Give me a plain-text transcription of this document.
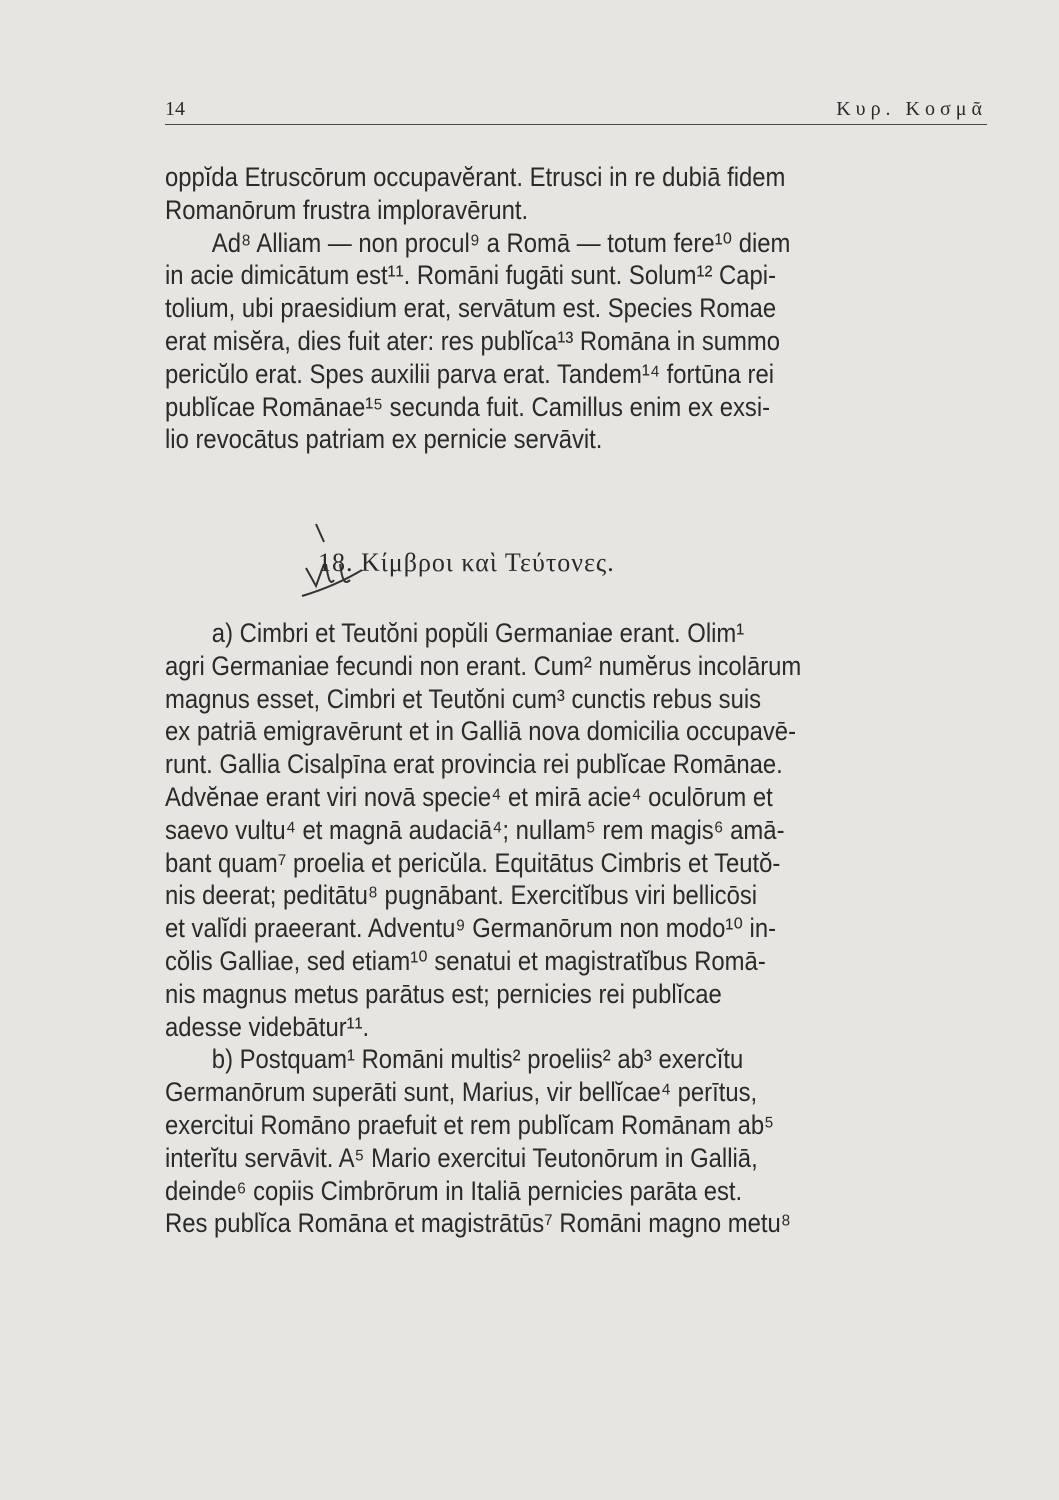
14	Κυρ. Κοσμᾶ
oppĭda Etruscōrum occupavĕrant. Etrusci in re dubiā fidem
Romanōrum frustra imploravērunt.
Ad⁸ Alliam — non procul⁹ a Romā — totum fere¹⁰ diem
in acie dimicātum est¹¹. Romāni fugāti sunt. Solum¹² Capi-
tolium, ubi praesidium erat, servātum est. Species Romae
erat misĕra, dies fuit ater: res publĭca¹³ Romāna in summo
pericŭlo erat. Spes auxilii parva erat. Tandem¹⁴ fortūna rei
publĭcae Romānae¹⁵ secunda fuit. Camillus enim ex exsi-
lio revocātus patriam ex pernicie servāvit.
18. Κίμβροι καὶ Τεύτονες.
a) Cimbri et Teutŏni popŭli Germaniae erant. Olim¹
agri Germaniae fecundi non erant. Cum² numĕrus incolārum
magnus esset, Cimbri et Teutŏni cum³ cunctis rebus suis
ex patriā emigravērunt et in Galliā nova domicilia occupavē-
runt. Gallia Cisalpīna erat provincia rei publĭcae Romānae.
Advĕnae erant viri novā specie⁴ et mirā acie⁴ oculōrum et
saevo vultu⁴ et magnā audaciā⁴; nullam⁵ rem magis⁶ amā-
bant quam⁷ proelia et pericŭla. Equitātus Cimbris et Teutŏ-
nis deerat; peditātu⁸ pugnābant. Exercitĭbus viri bellicōsi
et valĭdi praeerant. Adventu⁹ Germanōrum non modo¹⁰ in-
cŏlis Galliae, sed etiam¹⁰ senatui et magistratĭbus Romā-
nis magnus metus parātus est; pernicies rei publĭcae
adesse videbātur¹¹.
b) Postquam¹ Romāni multis² proeliis² ab³ exercĭtu
Germanōrum superāti sunt, Marius, vir bellĭcae⁴ perītus,
exercitui Romāno praefuit et rem publĭcam Romānam ab⁵
interĭtu servāvit. A⁵ Mario exercitui Teutonōrum in Galliā,
deinde⁶ copiis Cimbrōrum in Italiā pernicies parāta est.
Res publĭca Romāna et magistrātūs⁷ Romāni magno metu⁸
